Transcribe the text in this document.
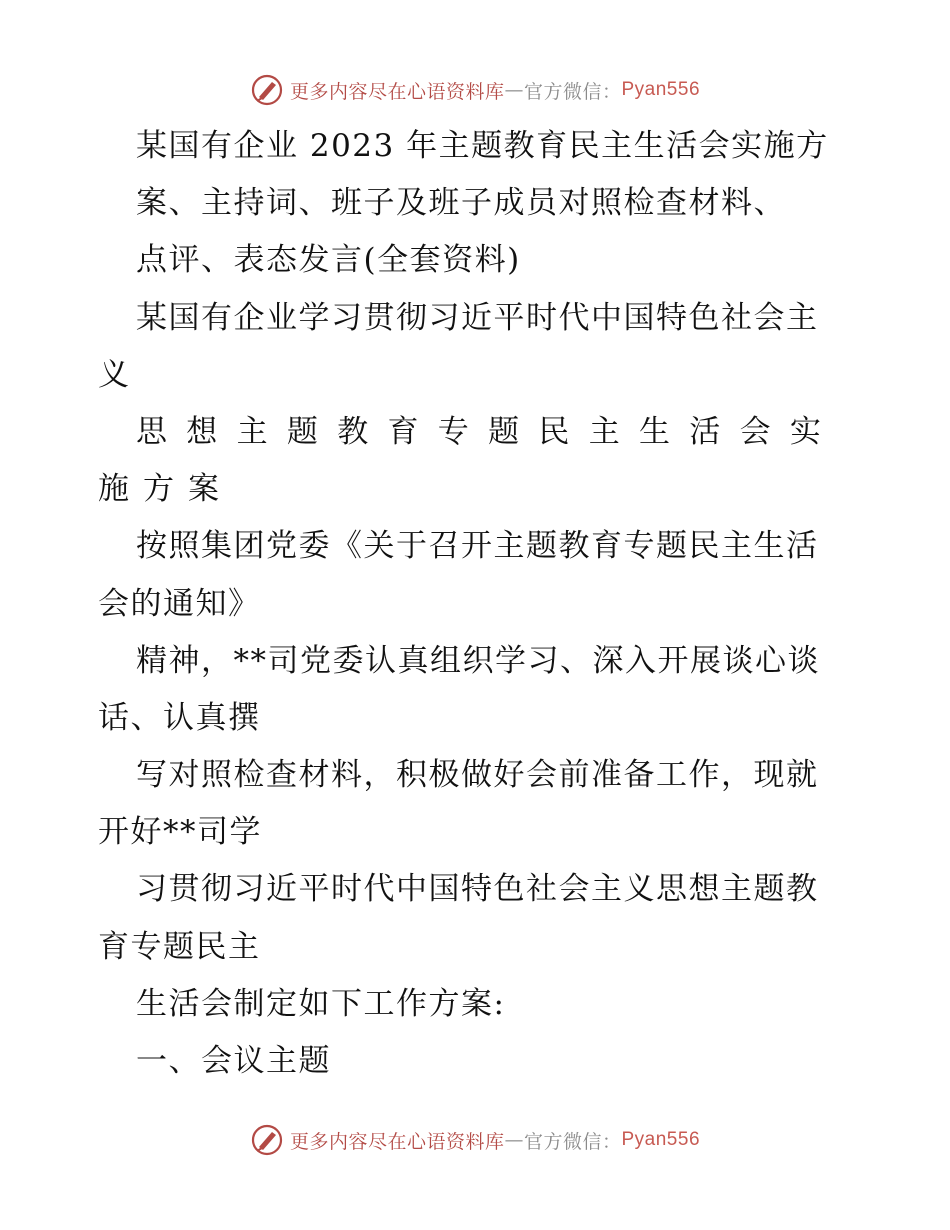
更多内容尽在心语资料库 — 官方微信： Pyan556
某国有企业 2023 年主题教育民主生活会实施方
案、主持词、班子及班子成员对照检查材料、
点评、表态发言(全套资料)
某国有企业学习贯彻习近平时代中国特色社会主
义
思想主题教育专题民主生活会实
施方案
按照集团党委《关于召开主题教育专题民主生活
会的通知》
精神，**司党委认真组织学习、深入开展谈心谈
话、认真撰
写对照检查材料，积极做好会前准备工作，现就
开好**司学
习贯彻习近平时代中国特色社会主义思想主题教
育专题民主
生活会制定如下工作方案:
一、会议主题
更多内容尽在心语资料库 — 官方微信： Pyan556
